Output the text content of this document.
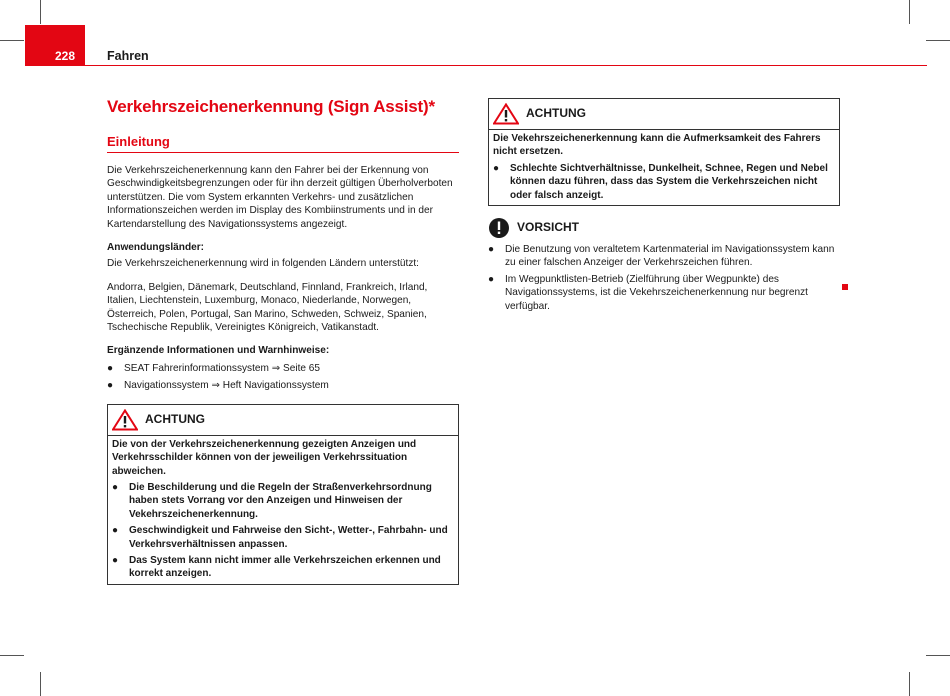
228	Fahren
Verkehrszeichenerkennung (Sign Assist)*
Einleitung

Die Verkehrszeichenerkennung kann den Fahrer bei der Erkennung von Geschwindigkeitsbegrenzungen oder für ihn derzeit gültigen Überholverboten unterstützen. Die vom System erkannten Verkehrs- und zusätzlichen Informationszeichen werden im Display des Kombiinstruments und in der Kartendarstellung des Navigationssystems angezeigt.

Anwendungsländer:

Die Verkehrszeichenerkennung wird in folgenden Ländern unterstützt:

Andorra, Belgien, Dänemark, Deutschland, Finnland, Frankreich, Irland, Italien, Liechtenstein, Luxemburg, Monaco, Niederlande, Norwegen, Österreich, Polen, Portugal, San Marino, Schweden, Schweiz, Spanien, Tschechische Republik, Vereinigtes Königreich, Vatikanstadt.

Ergänzende Informationen und Warnhinweise:

● SEAT Fahrerinformationssystem ⇒ Seite 65
● Navigationssystem ⇒ Heft Navigationssystem
ACHTUNG

Die von der Verkehrszeichenerkennung gezeigten Anzeigen und Verkehrsschilder können von der jeweiligen Verkehrssituation abweichen.

● Die Beschilderung und die Regeln der Straßenverkehrsordnung haben stets Vorrang vor den Anzeigen und Hinweisen der Vekehrszeichenerkennung.
● Geschwindigkeit und Fahrweise den Sicht-, Wetter-, Fahrbahn- und Verkehrsverhältnissen anpassen.
● Das System kann nicht immer alle Verkehrszeichen erkennen und korrekt anzeigen.
ACHTUNG

Die Vekehrszeichenerkennung kann die Aufmerksamkeit des Fahrers nicht ersetzen.

● Schlechte Sichtverhältnisse, Dunkelheit, Schnee, Regen und Nebel können dazu führen, dass das System die Verkehrszeichen nicht oder falsch anzeigt.
VORSICHT
● Die Benutzung von veraltetem Kartenmaterial im Navigationssystem kann zu einer falschen Anzeiger der Verkehrszeichen führen.
● Im Wegpunktlisten-Betrieb (Zielführung über Wegpunkte) des Navigationssystems, ist die Vekehrszeichenerkennung nur begrenzt verfügbar.
